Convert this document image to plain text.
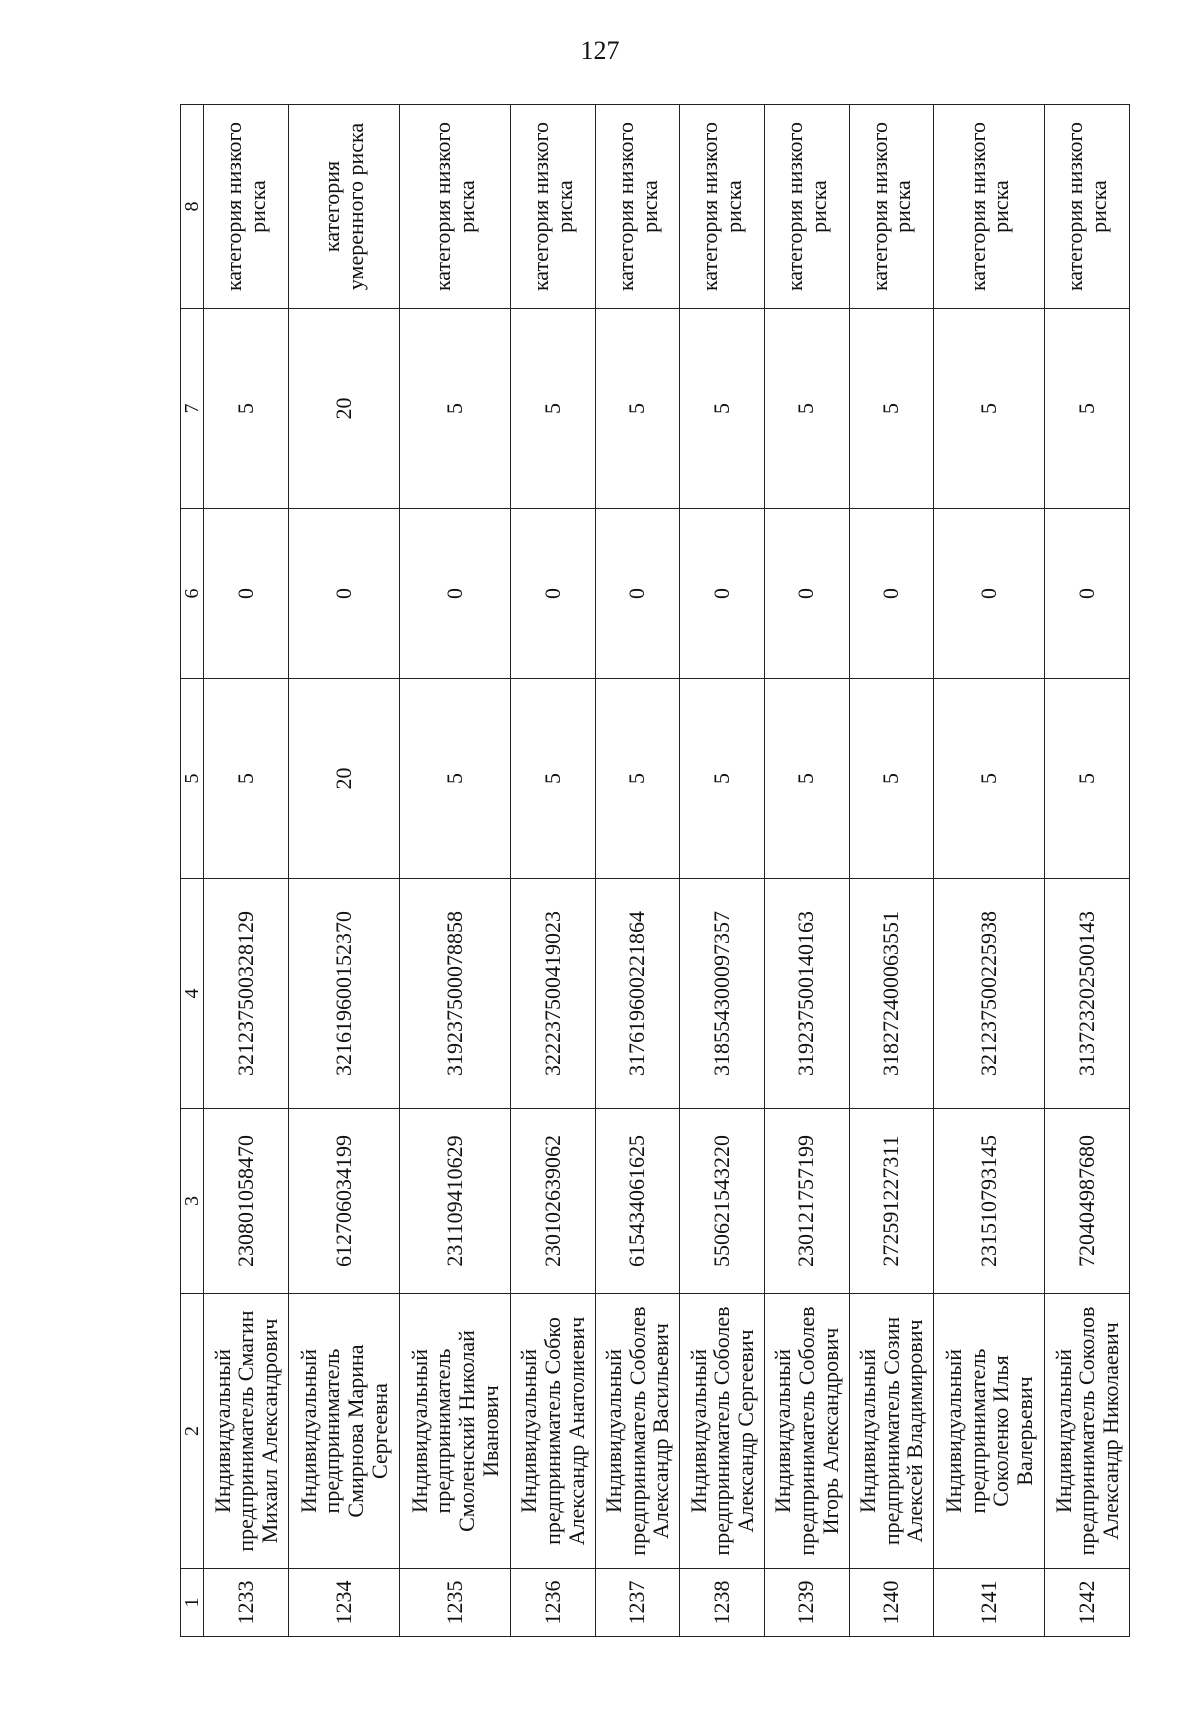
127
1	2	3	4	5	6	7	8
1233	Индивидуальный предприниматель Смагин Михаил Александрович	230801058470	321237500328129	5	0	5	категория низкого риска
1234	Индивидуальный предприниматель Смирнова Марина Сергеевна	612706034199	321619600152370	20	0	20	категория умеренного риска
1235	Индивидуальный предприниматель Смоленский Николай Иванович	231109410629	319237500078858	5	0	5	категория низкого риска
1236	Индивидуальный предприниматель Собко Александр Анатолиевич	230102639062	322237500419023	5	0	5	категория низкого риска
1237	Индивидуальный предприниматель Соболев Александр Васильевич	615434061625	317619600221864	5	0	5	категория низкого риска
1238	Индивидуальный предприниматель Соболев Александр Сергеевич	550621543220	318554300097357	5	0	5	категория низкого риска
1239	Индивидуальный предприниматель Соболев Игорь Александрович	230121757199	319237500140163	5	0	5	категория низкого риска
1240	Индивидуальный предприниматель Созин Алексей Владимирович	272591227311	318272400063551	5	0	5	категория низкого риска
1241	Индивидуальный предприниматель Соколенко Илья Валерьевич	231510793145	321237500225938	5	0	5	категория низкого риска
1242	Индивидуальный предприниматель Соколов Александр Николаевич	720404987680	313723202500143	5	0	5	категория низкого риска
